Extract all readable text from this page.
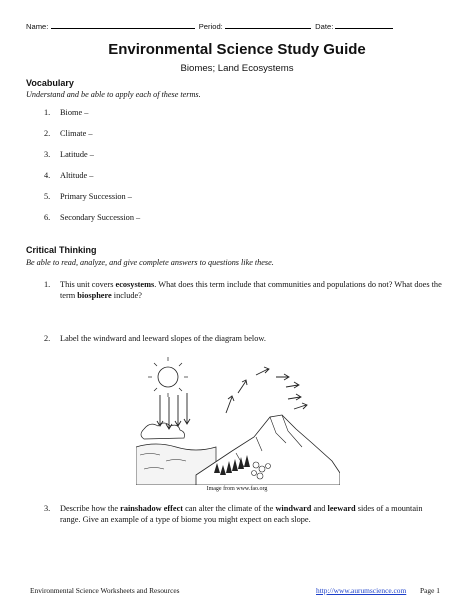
Name:	Period:	Date:
Environmental Science Study Guide
Biomes; Land Ecosystems
Vocabulary
Understand and be able to apply each of these terms.
1. Biome –
2. Climate –
3. Latitude –
4. Altitude –
5. Primary Succession –
6. Secondary Succession –
Critical Thinking
Be able to read, analyze, and give complete answers to questions like these.
1. This unit covers ecosystems. What does this term include that communities and populations do not? What does the term biosphere include?
2. Label the windward and leeward slopes of the diagram below.
Image from www.fao.org
3. Describe how the rainshadow effect can alter the climate of the windward and leeward sides of a mountain range. Give an example of a type of biome you might expect on each slope.
Environmental Science Worksheets and Resources	http://www.aurumscience.com Page 1
